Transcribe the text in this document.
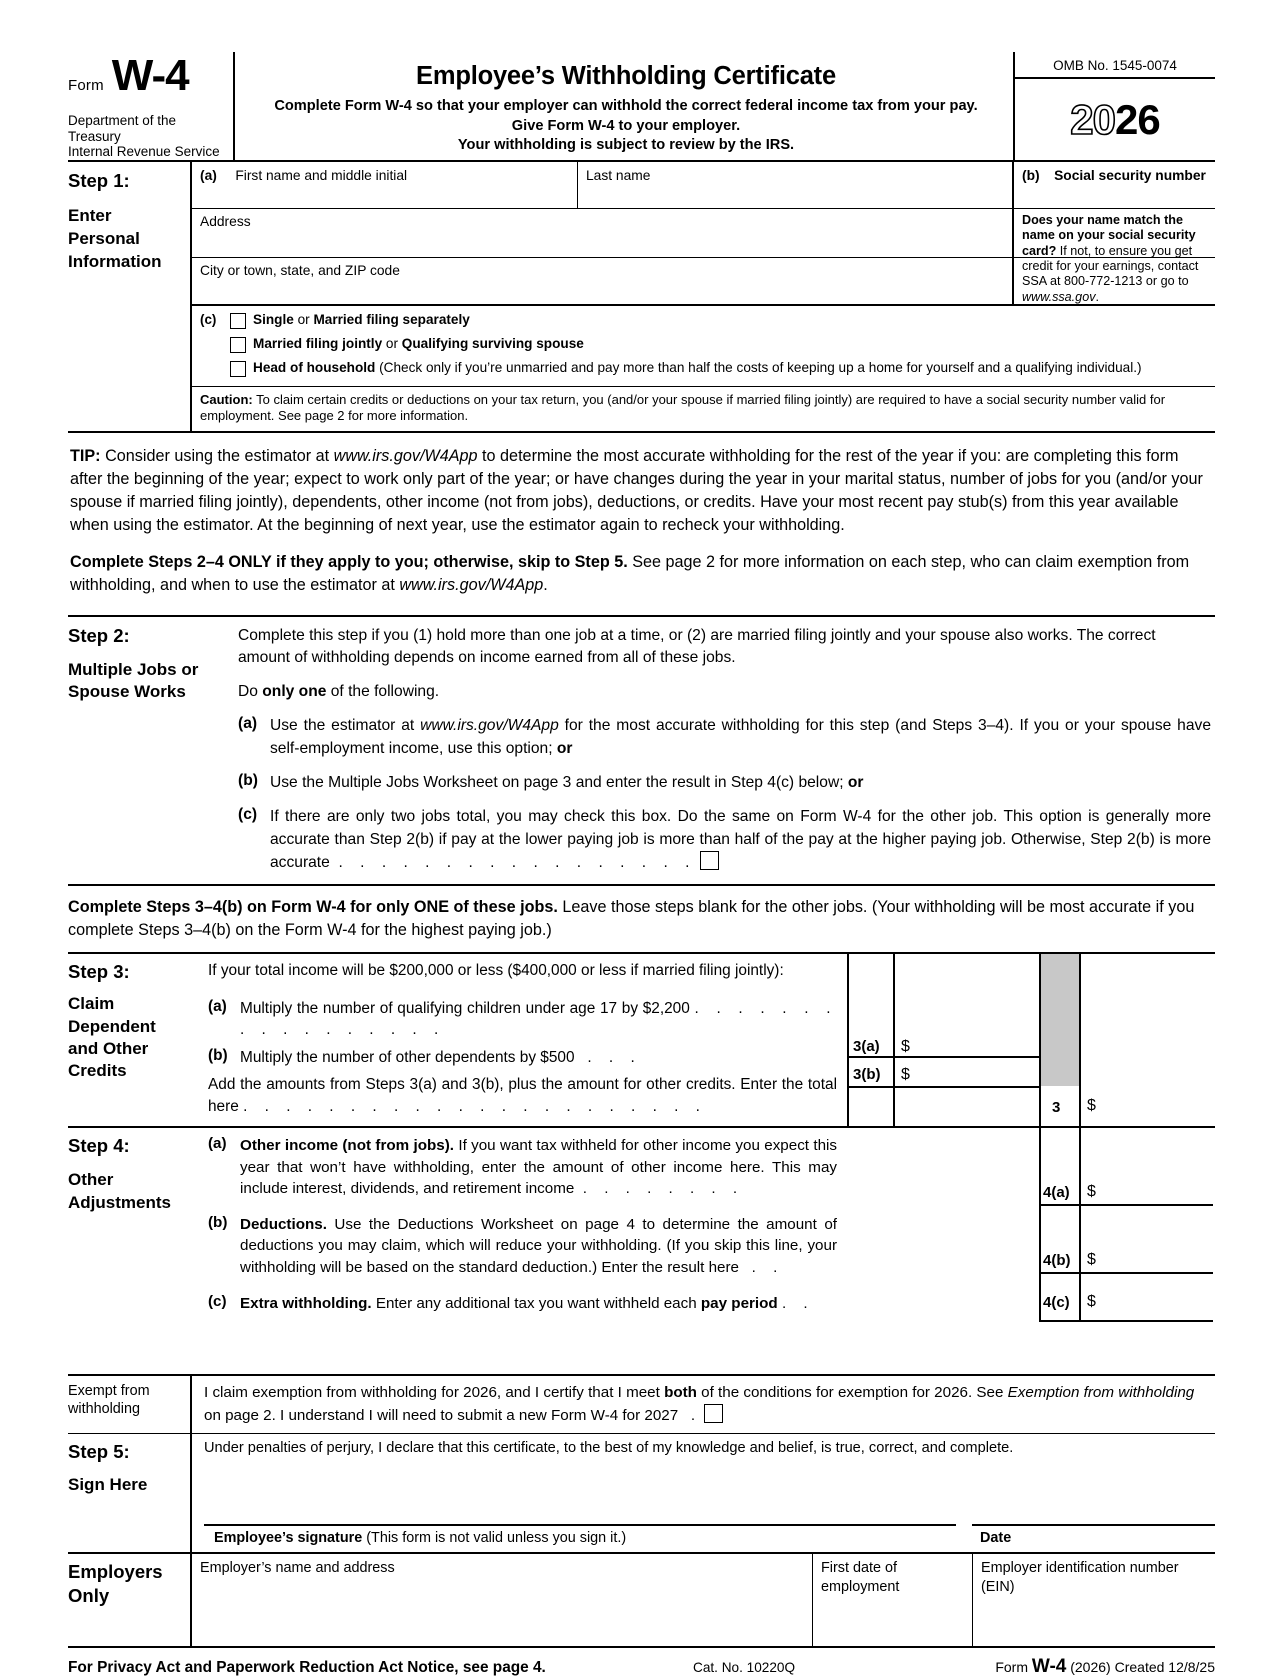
Form W-4
Department of the Treasury
Internal Revenue Service
Employee’s Withholding Certificate
Complete Form W-4 so that your employer can withhold the correct federal income tax from your pay.
Give Form W-4 to your employer.
Your withholding is subject to review by the IRS.
OMB No. 1545-0074
20 26
Step 1:
Enter Personal Information
(a) First name and middle initial	Last name	(b) Social security number
Address	Does your name match the name on your social security card? If not, to ensure you get credit for your earnings, contact SSA at 800-772-1213 or go to www.ssa.gov.
City or town, state, and ZIP code
(c)	Single or Married filing separately
Married filing jointly or Qualifying surviving spouse
Head of household (Check only if you’re unmarried and pay more than half the costs of keeping up a home for yourself and a qualifying individual.)
Caution: To claim certain credits or deductions on your tax return, you (and/or your spouse if married filing jointly) are required to have a social security number valid for employment. See page 2 for more information.

TIP: Consider using the estimator at www.irs.gov/W4App to determine the most accurate withholding for the rest of the year if you: are completing this form after the beginning of the year; expect to work only part of the year; or have changes during the year in your marital status, number of jobs for you (and/or your spouse if married filing jointly), dependents, other income (not from jobs), deductions, or credits. Have your most recent pay stub(s) from this year available when using the estimator. At the beginning of next year, use the estimator again to recheck your withholding.

Complete Steps 2–4 ONLY if they apply to you; otherwise, skip to Step 5. See page 2 for more information on each step, who can claim exemption from withholding, and when to use the estimator at www.irs.gov/W4App.

Step 2:
Multiple Jobs or Spouse Works

Complete this step if you (1) hold more than one job at a time, or (2) are married filing jointly and your spouse also works. The correct amount of withholding depends on income earned from all of these jobs.

Do only one of the following.

(a) Use the estimator at www.irs.gov/W4App for the most accurate withholding for this step (and Steps 3–4). If you or your spouse have self-employment income, use this option; or
(b) Use the Multiple Jobs Worksheet on page 3 and enter the result in Step 4(c) below; or
(c) If there are only two jobs total, you may check this box. Do the same on Form W-4 for the other job. This option is generally more accurate than Step 2(b) if pay at the lower paying job is more than half of the pay at the higher paying job. Otherwise, Step 2(b) is more accurate . . . . . . . . . . . . . . . . .

Complete Steps 3–4(b) on Form W-4 for only ONE of these jobs. Leave those steps blank for the other jobs. (Your withholding will be most accurate if you complete Steps 3–4(b) on the Form W-4 for the highest paying job.)

Step 3:
Claim Dependent and Other Credits
If your total income will be $200,000 or less ($400,000 or less if married filing jointly):
(a) Multiply the number of qualifying children under age 17 by $2,200 . . . . . . . . . . . . . . . . .
(b) Multiply the number of other dependents by $500 . . .
Add the amounts from Steps 3(a) and 3(b), plus the amount for other credits. Enter the total here . . . . . . . . . . . . . . . . . . . . . .
3(a) $
3(b) $
3 $
Step 4:
Other Adjustments
(a) Other income (not from jobs). If you want tax withheld for other income you expect this year that won’t have withholding, enter the amount of other income here. This may include interest, dividends, and retirement income . . . . . . . .
(b) Deductions. Use the Deductions Worksheet on page 4 to determine the amount of deductions you may claim, which will reduce your withholding. (If you skip this line, your withholding will be based on the standard deduction.) Enter the result here . .
(c) Extra withholding. Enter any additional tax you want withheld each pay period . .
4(a) $
4(b) $
4(c) $
Exempt from
withholding
I claim exemption from withholding for 2026, and I certify that I meet both of the conditions for exemption for 2026. See Exemption from withholding on page 2. I understand I will need to submit a new Form W-4 for 2027 .
Step 5:
Sign Here
Under penalties of perjury, I declare that this certificate, to the best of my knowledge and belief, is true, correct, and complete.
Employee’s signature (This form is not valid unless you sign it.)	Date
Employers
Only
Employer’s name and address	First date of employment
Employer identification number (EIN)
For Privacy Act and Paperwork Reduction Act Notice, see page 4.	Cat. No. 10220Q	Form W-4 (2026) Created 12/8/25
